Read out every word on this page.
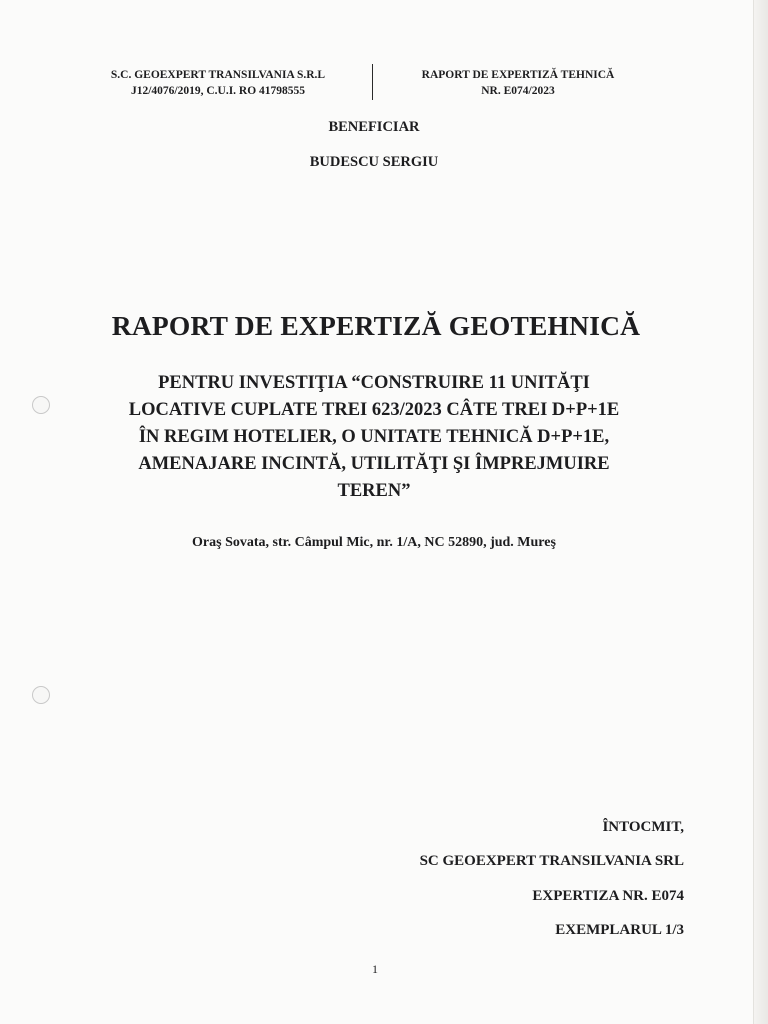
S.C. GEOEXPERT TRANSILVANIA S.R.L
J12/4076/2019, C.U.I. RO 41798555
RAPORT DE EXPERTIZĂ TEHNICĂ
NR. E074/2023
BENEFICIAR
BUDESCU SERGIU
RAPORT DE EXPERTIZĂ GEOTEHNICĂ
PENTRU INVESTIŢIA “CONSTRUIRE 11 UNITĂŢI
LOCATIVE CUPLATE TREI 623/2023 CÂTE TREI D+P+1E
ÎN REGIM HOTELIER, O UNITATE TEHNICĂ D+P+1E,
AMENAJARE INCINTĂ, UTILITĂŢI ŞI ÎMPREJMUIRE
TEREN”
Oraş Sovata, str. Câmpul Mic, nr. 1/A, NC 52890, jud. Mureş
ÎNTOCMIT,
SC GEOEXPERT TRANSILVANIA SRL
EXPERTIZA NR. E074
EXEMPLARUL 1/3
1
